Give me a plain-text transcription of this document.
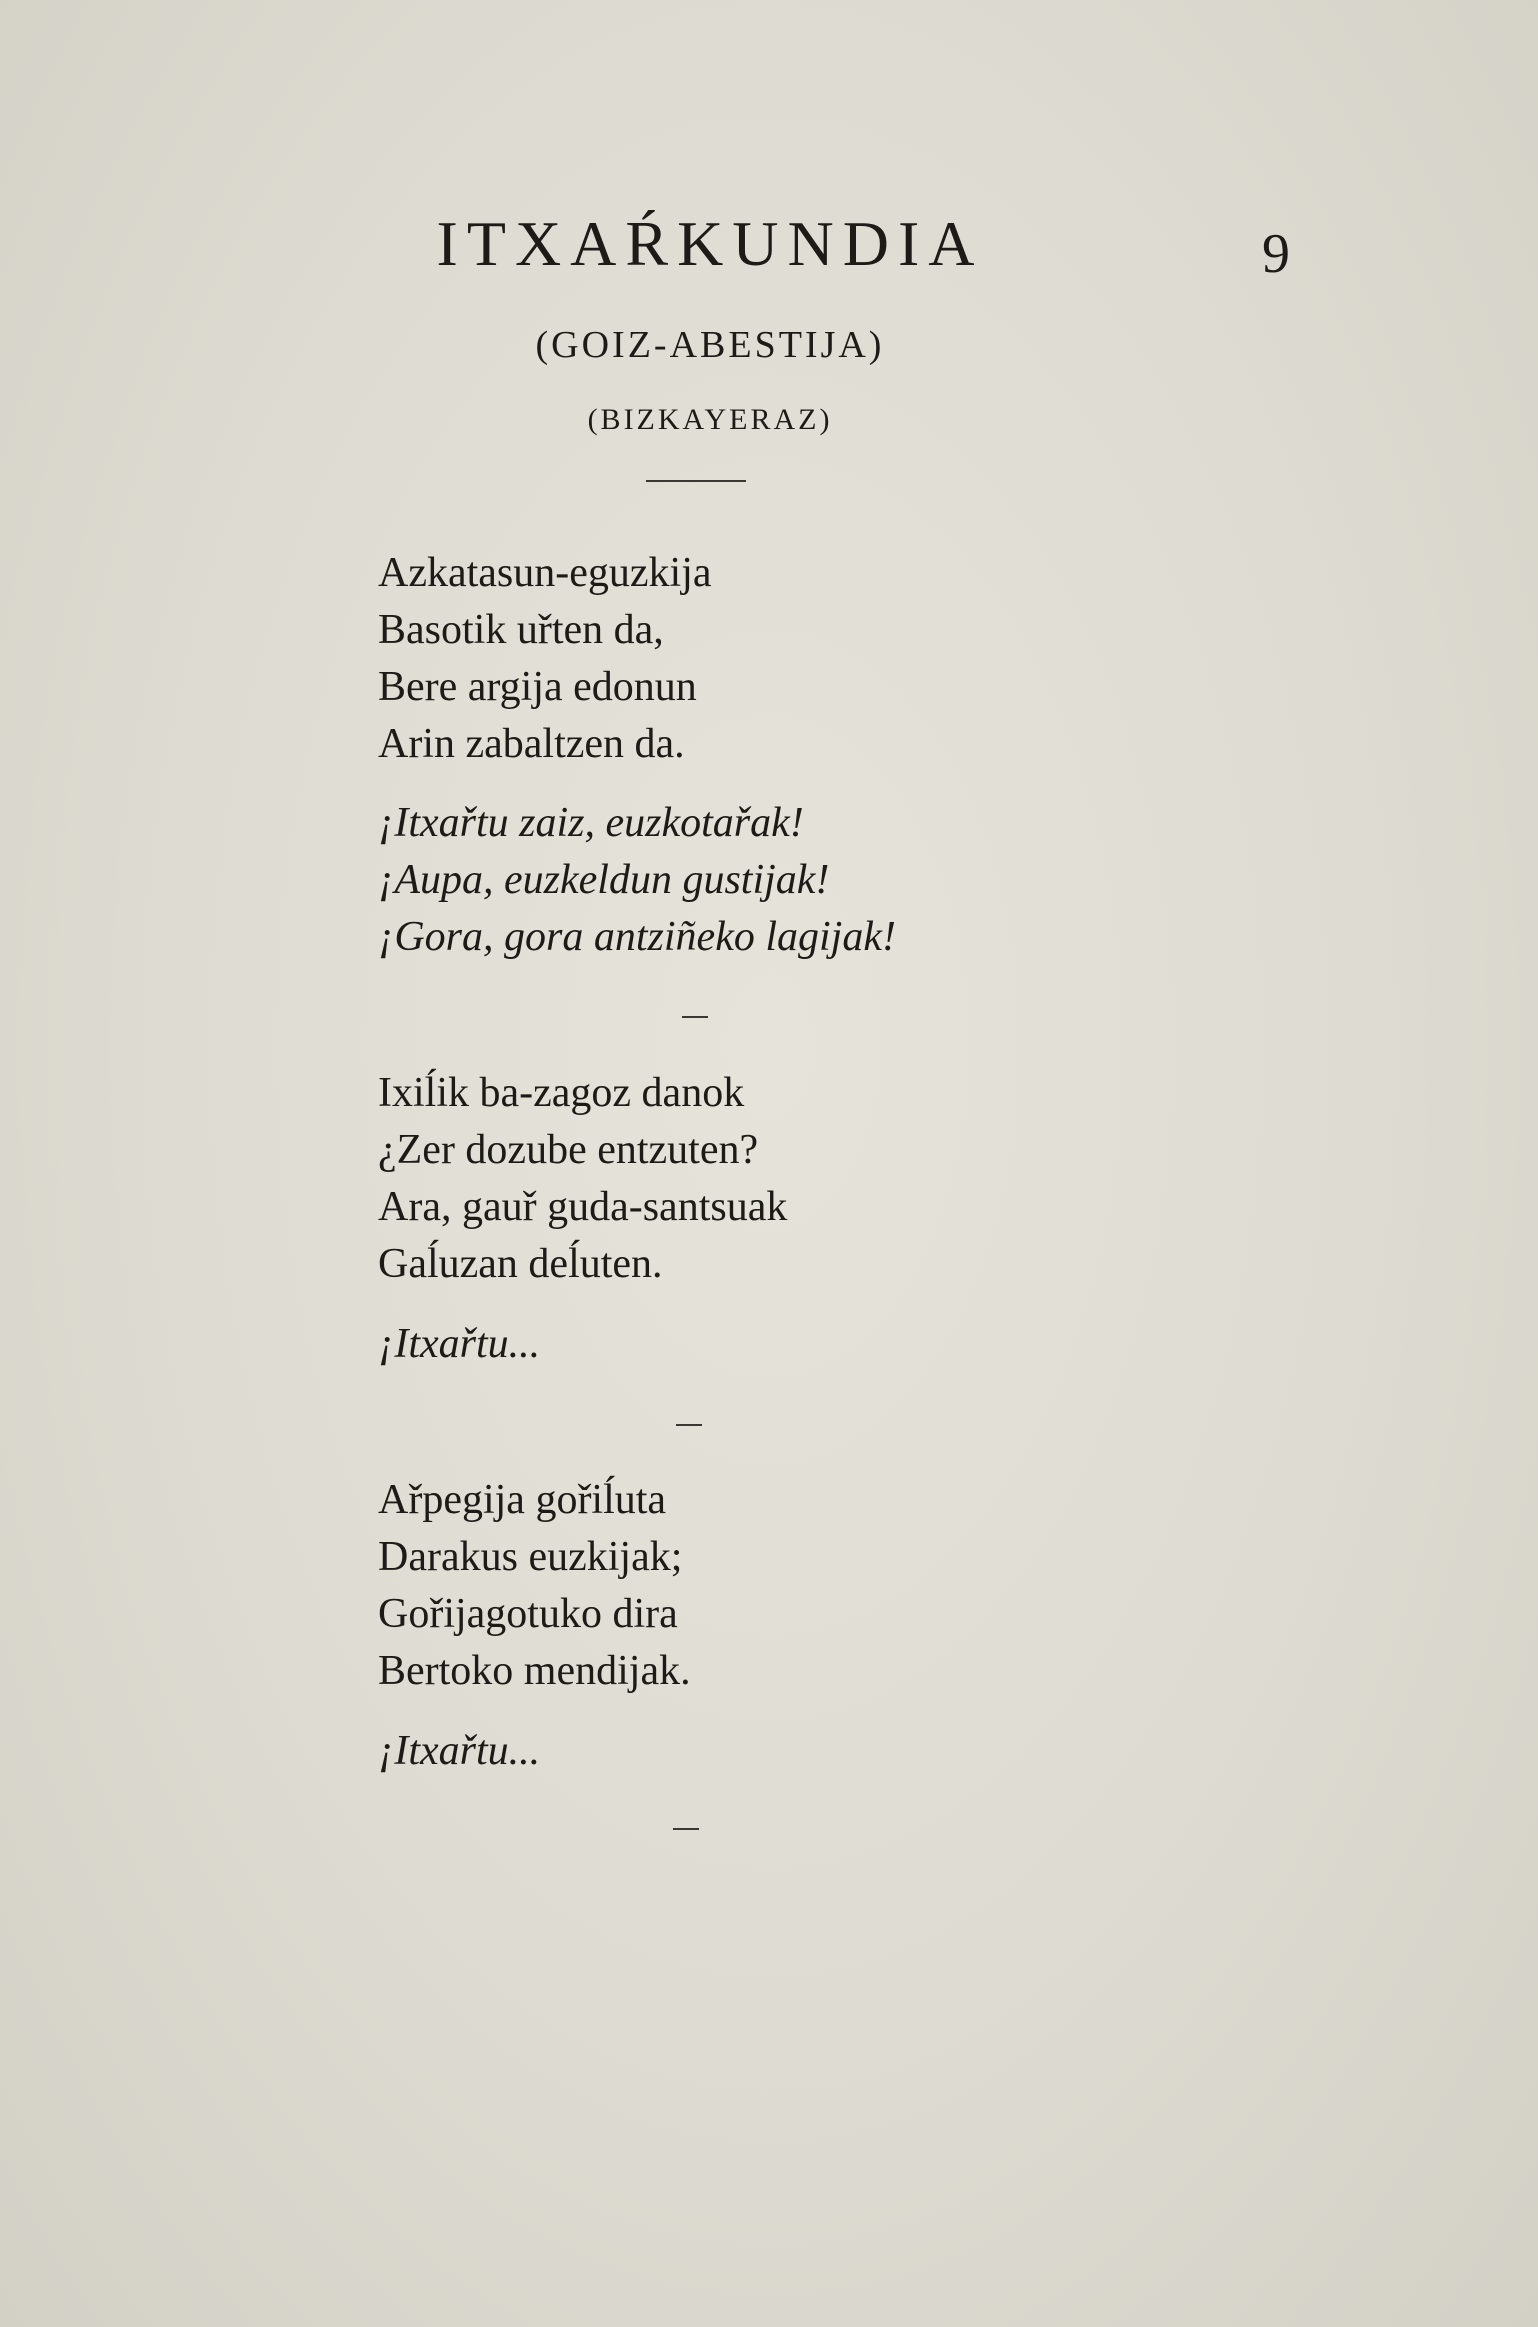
ITXAŔKUNDIA	9
(GOIZ-ABESTIJA)
(BIZKAYERAZ)

Azkatasun-eguzkija
Basotik uřten da,
Bere argija edonun
Arin zabaltzen da.

¡Itxařtu zaiz, euzkotařak!
¡Aupa, euzkeldun gustijak!
¡Gora, gora antziñeko lagijak!

Ixiĺik ba-zagoz danok
¿Zer dozube entzuten?
Ara, gauř guda-santsuak
Gaĺuzan deĺuten.

¡Itxařtu...

Ařpegija gořiĺuta
Darakus euzkijak;
Gořijagotuko dira
Bertoko mendijak.

¡Itxařtu...
